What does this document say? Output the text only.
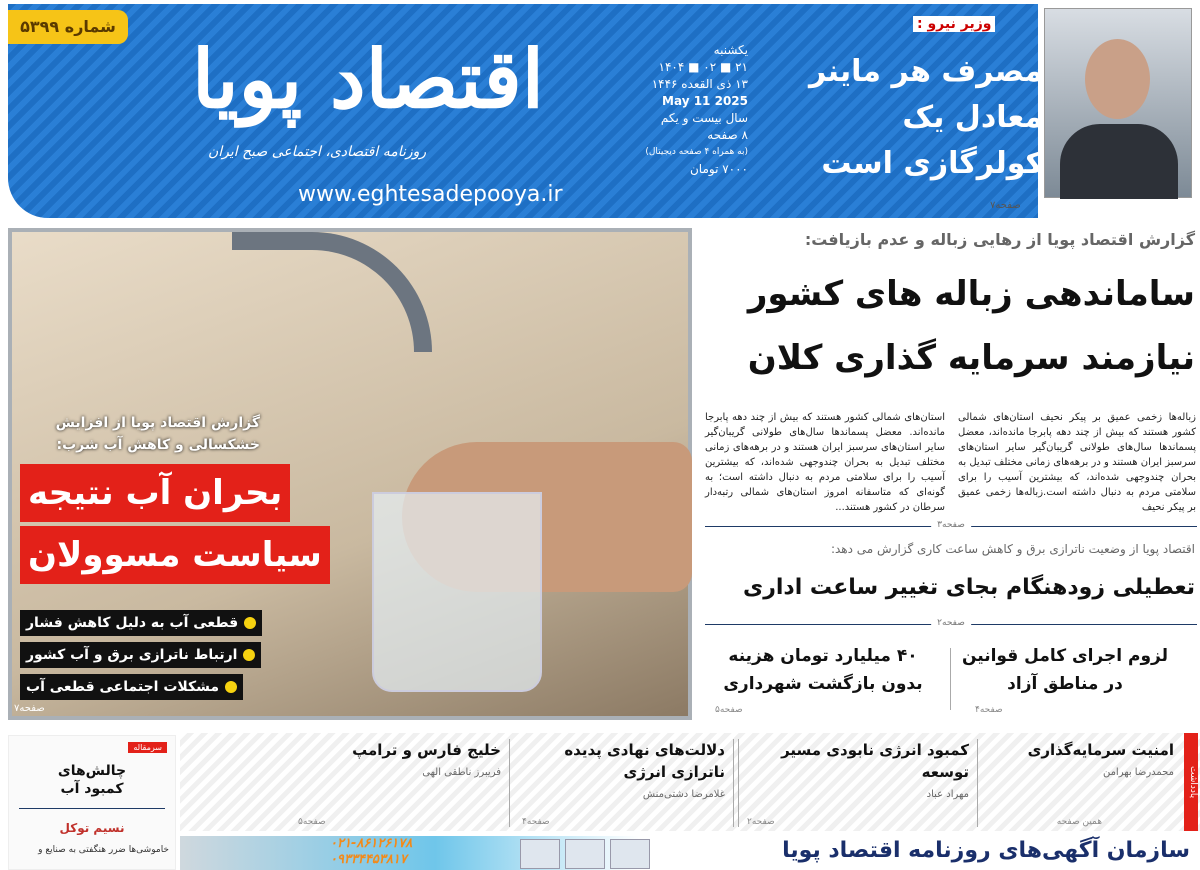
شماره ۵۳۹۹
اقتصاد پویا
روزنامه اقتصادی، اجتماعی صبح ایران
www.eghtesadepooya.ir
یکشنبه
۲۱ ■ ۰۲ ■ ۱۴۰۴
۱۳ ذی القعده ۱۴۴۶
2025 May 11
سال بیست و یکم
۸ صفحه
(به همراه ۴ صفحه دیجیتال)
۷۰۰۰ تومان
وزیر نیرو :
مصرف هر ماینر معادل یک کولرگازی است
صفحه۷
گزارش اقتصاد پویا از افزایش خشکسالی و کاهش آب شرب:
بحران آب نتیجه
سیاست مسوولان
قطعی آب به دلیل کاهش فشار
ارتباط ناترازی برق و آب کشور
مشکلات اجتماعی قطعی آب
صفحه۷
گزارش اقتصاد پویا از رهایی زباله و عدم بازیافت:
ساماندهی زباله های کشور
نیازمند سرمایه گذاری کلان
زباله‌ها زخمی عمیق بر پیکر نحیف استان‌های شمالی کشور هستند که بیش از چند دهه پابرجا مانده‌اند، معضل پسماندها سال‌های طولانی گریبان‌گیر سایر استان‌های سرسبز ایران هستند و در برهه‌های زمانی مختلف تبدیل به بحران چندوجهی شده‌اند، که بیشترین آسیب را برای سلامتی مردم به دنبال داشته است.زباله‌ها زخمی عمیق بر پیکر نحیف
استان‌های شمالی کشور هستند که بیش از چند دهه پابرجا مانده‌اند. معضل پسماندها سال‌های طولانی گریبان‌گیر سایر استان‌های سرسبز ایران هستند و در برهه‌های زمانی مختلف تبدیل به بحران چندوجهی شده‌اند، که بیشترین آسیب را برای سلامتی مردم به دنبال داشته است؛ به گونه‌ای که متاسفانه امروز استان‌های شمالی رتبه‌دار سرطان در کشور هستند...
صفحه۳
اقتصاد پویا از وضعیت ناترازی برق و کاهش ساعت کاری گزارش می دهد:
تعطیلی زودهنگام بجای تغییر ساعت اداری
صفحه۲
لزوم اجرای کامل قوانین در مناطق آزاد
صفحه۴
۴۰ میلیارد تومان هزینه بدون بازگشت شهرداری
صفحه۵
امنیت سرمایه‌گذاری
محمدرضا بهرامن
همین صفحه
کمبود انرژی نابودی مسیر توسعه
مهراد عباد
صفحه۲
دلالت‌های نهادی پدیده ناترازی انرژی
غلامرضا دشتی‌منش
صفحه۴
خلیج فارس و ترامپ
فریبرز ناطقی الهی
صفحه۵
یادداشت
سرمقاله
چالش‌های کمبود آب
نسیم توکل
خاموشی‌ها ضرر هنگفتی به صنایع و	سازمان آگهی‌های روزنامه اقتصاد پویا
۰۲۱-۸۶۱۲۶۱۷۸
۰۹۳۳۴۴۵۳۸۱۷
